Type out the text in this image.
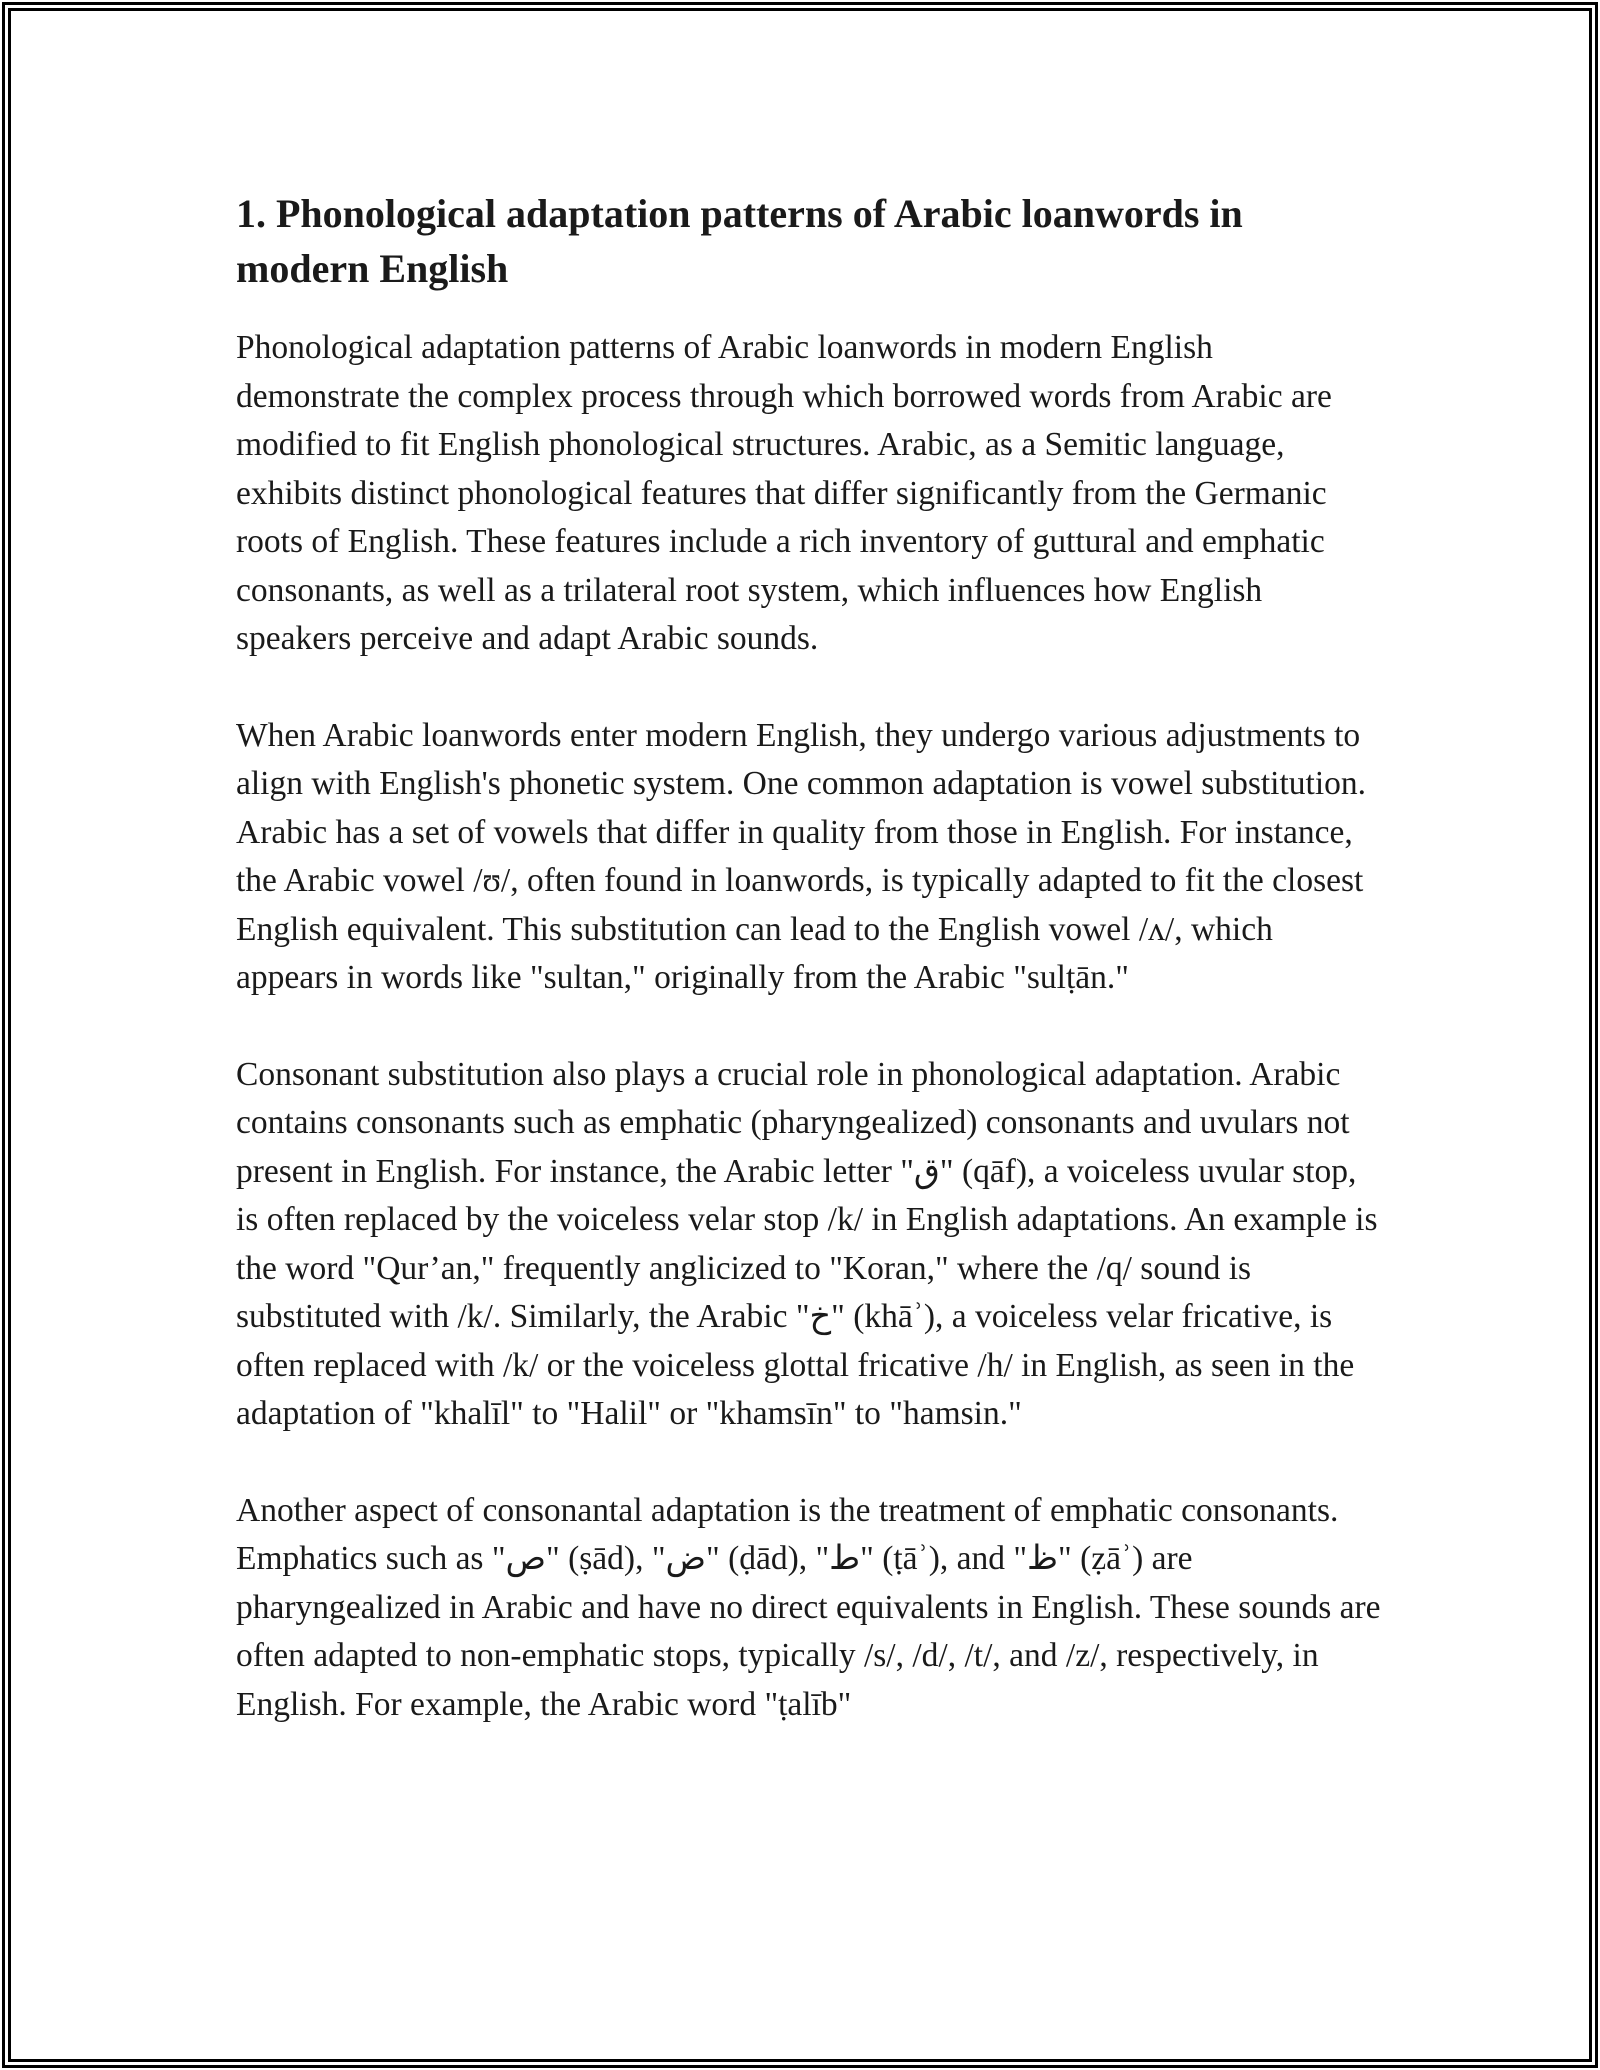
1. Phonological adaptation patterns of Arabic loanwords in modern English

Phonological adaptation patterns of Arabic loanwords in modern English demonstrate the complex process through which borrowed words from Arabic are modified to fit English phonological structures. Arabic, as a Semitic language, exhibits distinct phonological features that differ significantly from the Germanic roots of English. These features include a rich inventory of guttural and emphatic consonants, as well as a trilateral root system, which influences how English speakers perceive and adapt Arabic sounds.

When Arabic loanwords enter modern English, they undergo various adjustments to align with English's phonetic system. One common adaptation is vowel substitution. Arabic has a set of vowels that differ in quality from those in English. For instance, the Arabic vowel /ʊ/, often found in loanwords, is typically adapted to fit the closest English equivalent. This substitution can lead to the English vowel /ʌ/, which appears in words like "sultan," originally from the Arabic "sulṭān."

Consonant substitution also plays a crucial role in phonological adaptation. Arabic contains consonants such as emphatic (pharyngealized) consonants and uvulars not present in English. For instance, the Arabic letter "ق" (qāf), a voiceless uvular stop, is often replaced by the voiceless velar stop /k/ in English adaptations. An example is the word "Qur’an," frequently anglicized to "Koran," where the /q/ sound is substituted with /k/. Similarly, the Arabic "خ" (khāʾ), a voiceless velar fricative, is often replaced with /k/ or the voiceless glottal fricative /h/ in English, as seen in the adaptation of "khalīl" to "Halil" or "khamsīn" to "hamsin."

Another aspect of consonantal adaptation is the treatment of emphatic consonants. Emphatics such as "ص" (ṣād), "ض" (ḍād), "ط" (ṭāʾ), and "ظ" (ẓāʾ) are pharyngealized in Arabic and have no direct equivalents in English. These sounds are often adapted to non-emphatic stops, typically /s/, /d/, /t/, and /z/, respectively, in English. For example, the Arabic word "ṭalīb"
